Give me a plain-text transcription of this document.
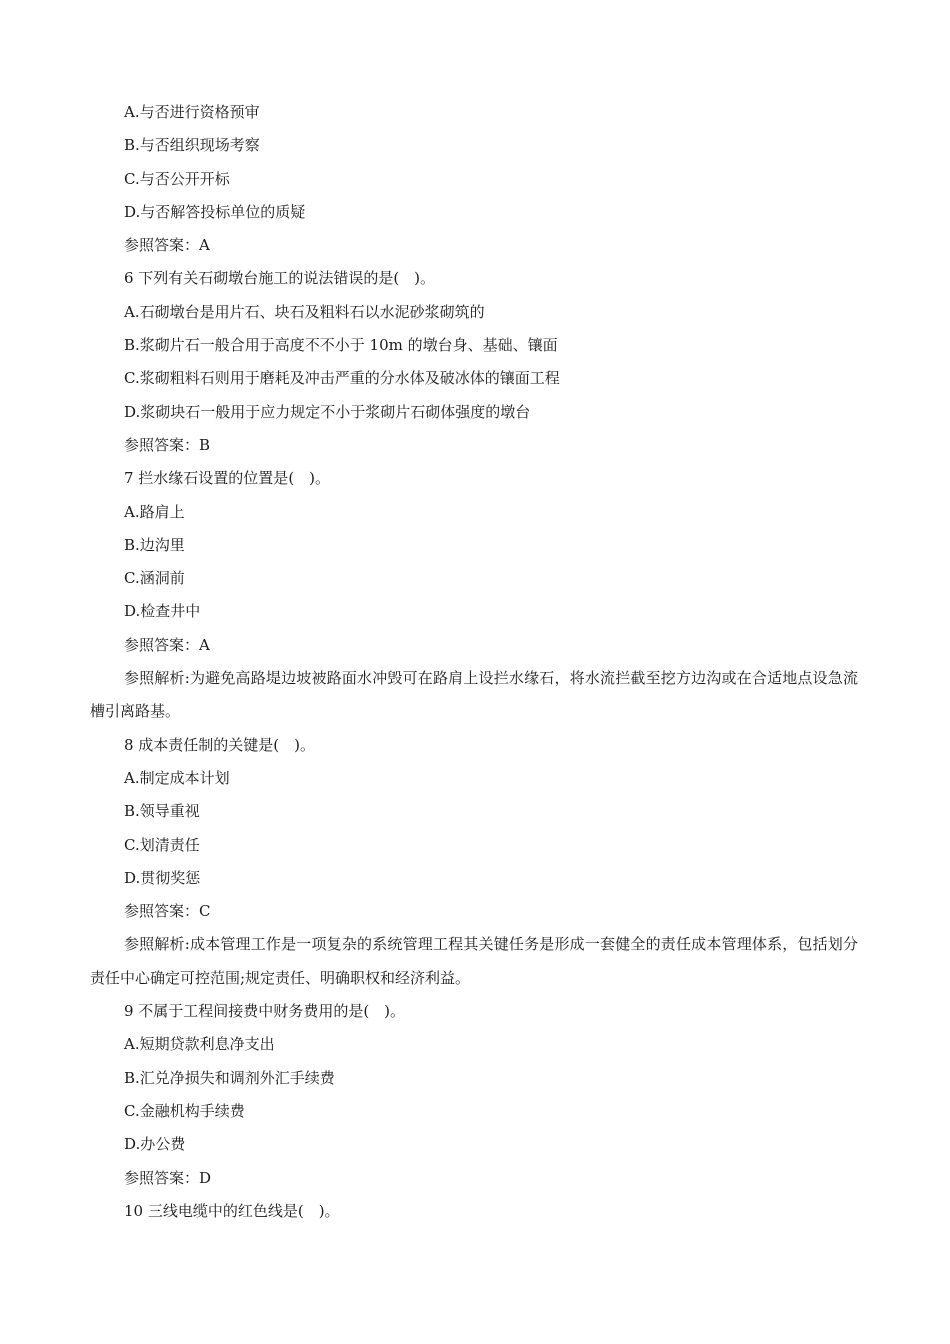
A.与否进行资格预审
B.与否组织现场考察
C.与否公开开标
D.与否解答投标单位的质疑
参照答案：A
6 下列有关石砌墩台施工的说法错误的是(　)。
A.石砌墩台是用片石、块石及粗料石以水泥砂浆砌筑的
B.浆砌片石一般合用于高度不不小于 10m 的墩台身、基础、镶面
C.浆砌粗料石则用于磨耗及冲击严重的分水体及破冰体的镶面工程
D.浆砌块石一般用于应力规定不小于浆砌片石砌体强度的墩台
参照答案：B
7 拦水缘石设置的位置是(　)。
A.路肩上
B.边沟里
C.涵洞前
D.检查井中
参照答案：A
参照解析:为避免高路堤边坡被路面水冲毁可在路肩上设拦水缘石，将水流拦截至挖方边沟或在合适地点设急流槽引离路基。
8 成本责任制的关键是(　)。
A.制定成本计划
B.领导重视
C.划清责任
D.贯彻奖惩
参照答案：C
参照解析:成本管理工作是一项复杂的系统管理工程其关键任务是形成一套健全的责任成本管理体系，包括划分责任中心确定可控范围;规定责任、明确职权和经济利益。
9 不属于工程间接费中财务费用的是(　)。
A.短期贷款利息净支出
B.汇兑净损失和调剂外汇手续费
C.金融机构手续费
D.办公费
参照答案：D
10 三线电缆中的红色线是(　)。
